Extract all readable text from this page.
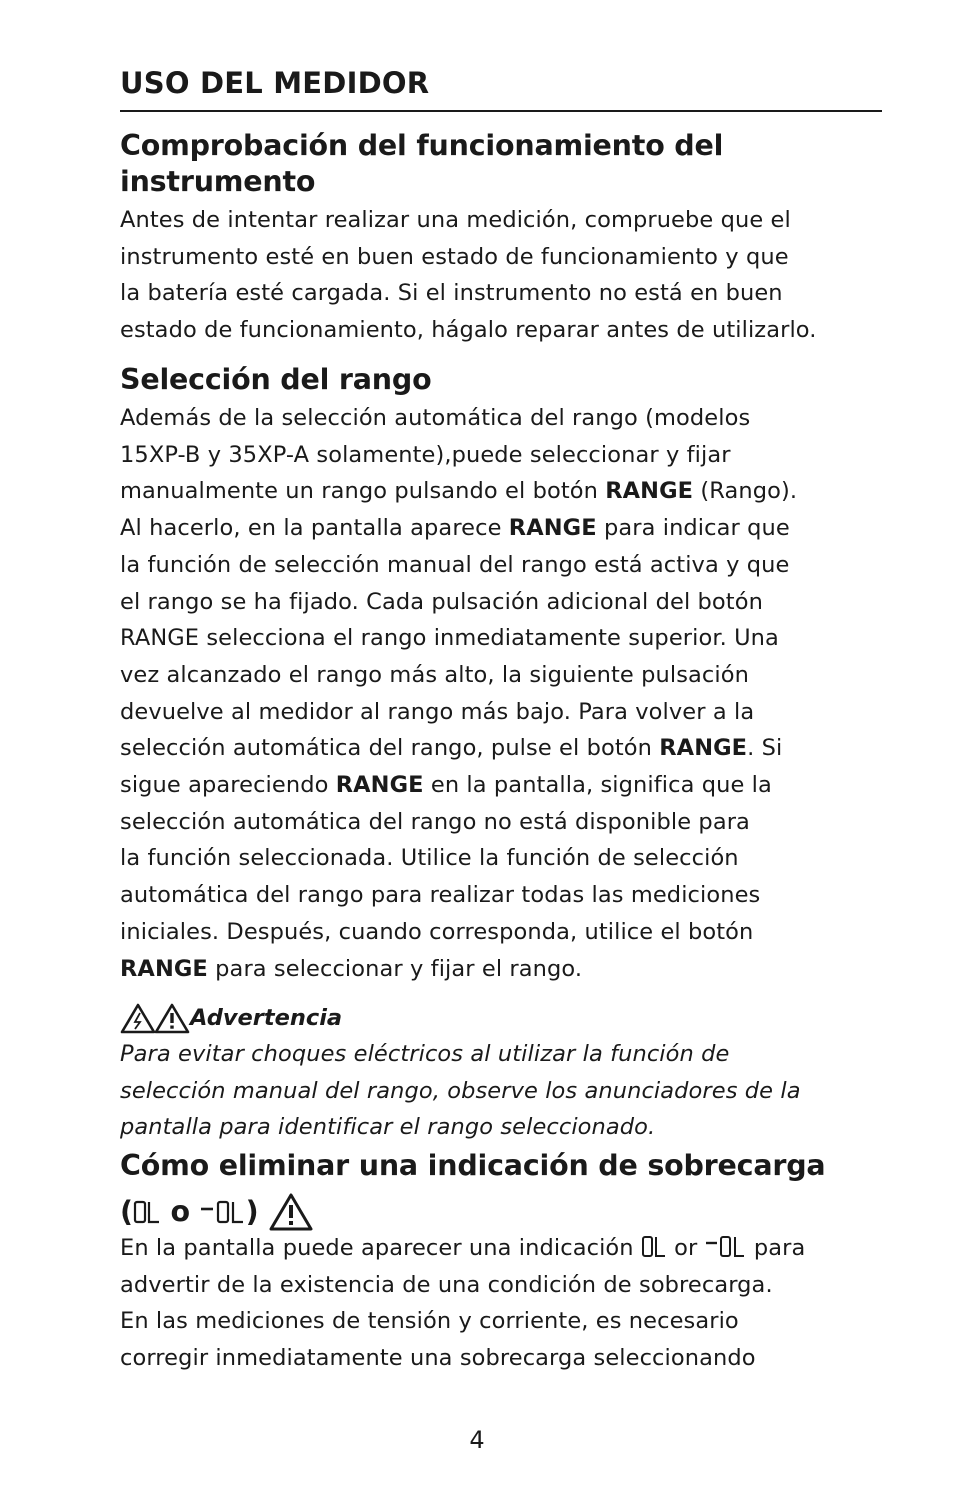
USO DEL MEDIDOR
Comprobación del funcionamiento del instrumento

Antes de intentar realizar una medición, compruebe que el

instrumento esté en buen estado de funcionamiento y que

la batería esté cargada. Si el instrumento no está en buen

estado de funcionamiento, hágalo reparar antes de utilizarlo.

Selección del rango

Además de la selección automática del rango (modelos

15XP-B y 35XP-A solamente),puede seleccionar y fijar

manualmente un rango pulsando el botón RANGE (Rango).

Al hacerlo, en la pantalla aparece RANGE para indicar que

la función de selección manual del rango está activa y que

el rango se ha fijado. Cada pulsación adicional del botón

RANGE selecciona el rango inmediatamente superior. Una

vez alcanzado el rango más alto, la siguiente pulsación

devuelve al medidor al rango más bajo. Para volver a la

selección automática del rango, pulse el botón RANGE. Si

sigue apareciendo RANGE en la pantalla, significa que la

selección automática del rango no está disponible para

la función seleccionada. Utilice la función de selección

automática del rango para realizar todas las mediciones

iniciales. Después, cuando corresponda, utilice el botón

RANGE para seleccionar y fijar el rango.

Advertencia

Para evitar choques eléctricos al utilizar la función de

selección manual del rango, observe los anunciadores de la

pantalla para identificar el rango seleccionado.

Cómo eliminar una indicación de sobrecarga
( o )

En la pantalla puede aparecer una indicación  or  para

advertir de la existencia de una condición de sobrecarga.

En las mediciones de tensión y corriente, es necesario

corregir inmediatamente una sobrecarga seleccionando

4
